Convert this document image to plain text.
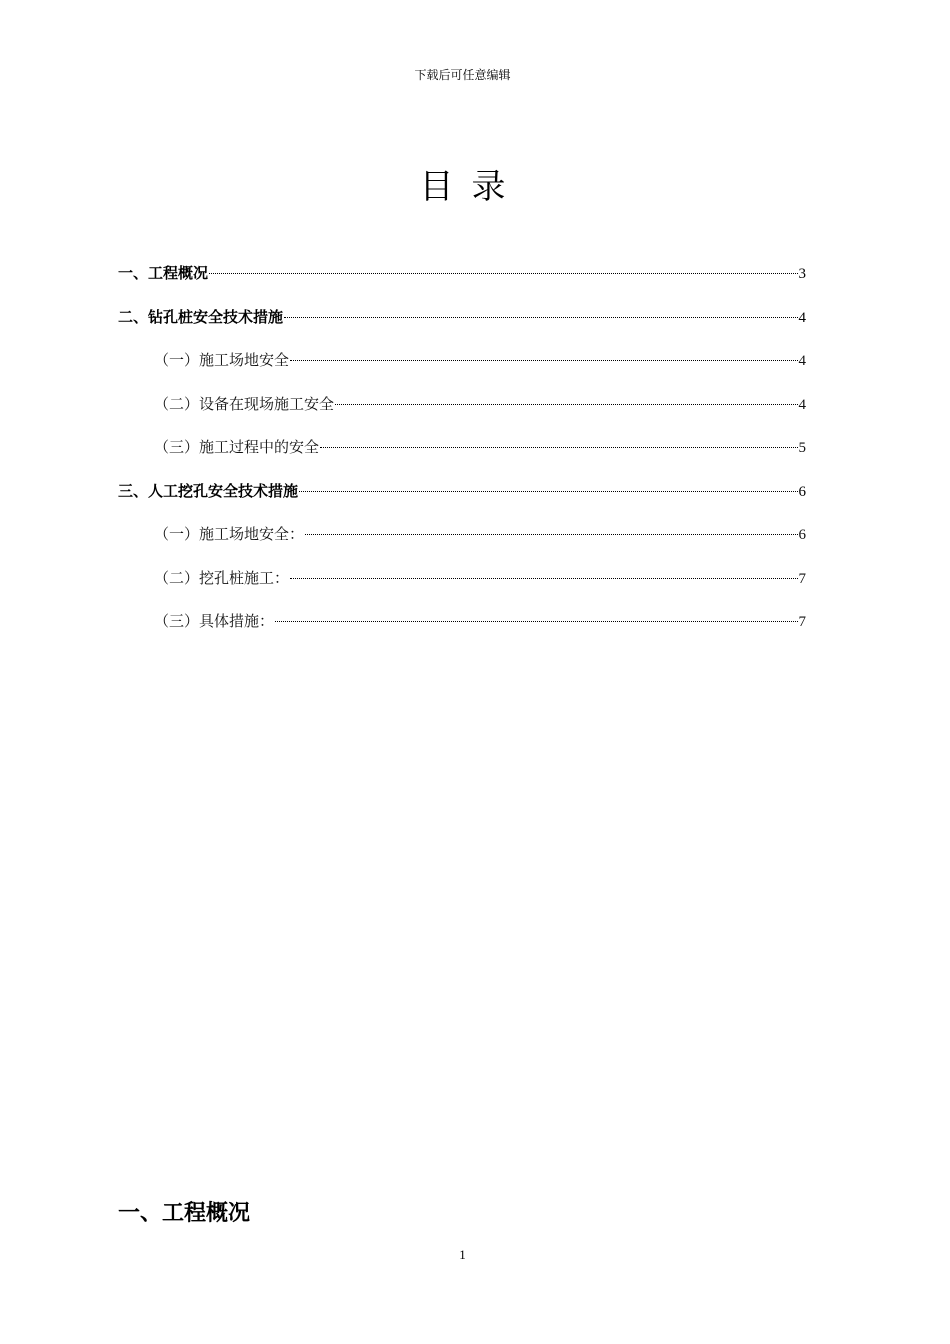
下载后可任意编辑
目录
一、工程概况	3
二、钻孔桩安全技术措施	4
（一）施工场地安全	4
（二）设备在现场施工安全	4
（三）施工过程中的安全	5
三、人工挖孔安全技术措施	6
（一）施工场地安全：	6
（二）挖孔桩施工：	7
（三）具体措施：	7
一、工程概况
1
